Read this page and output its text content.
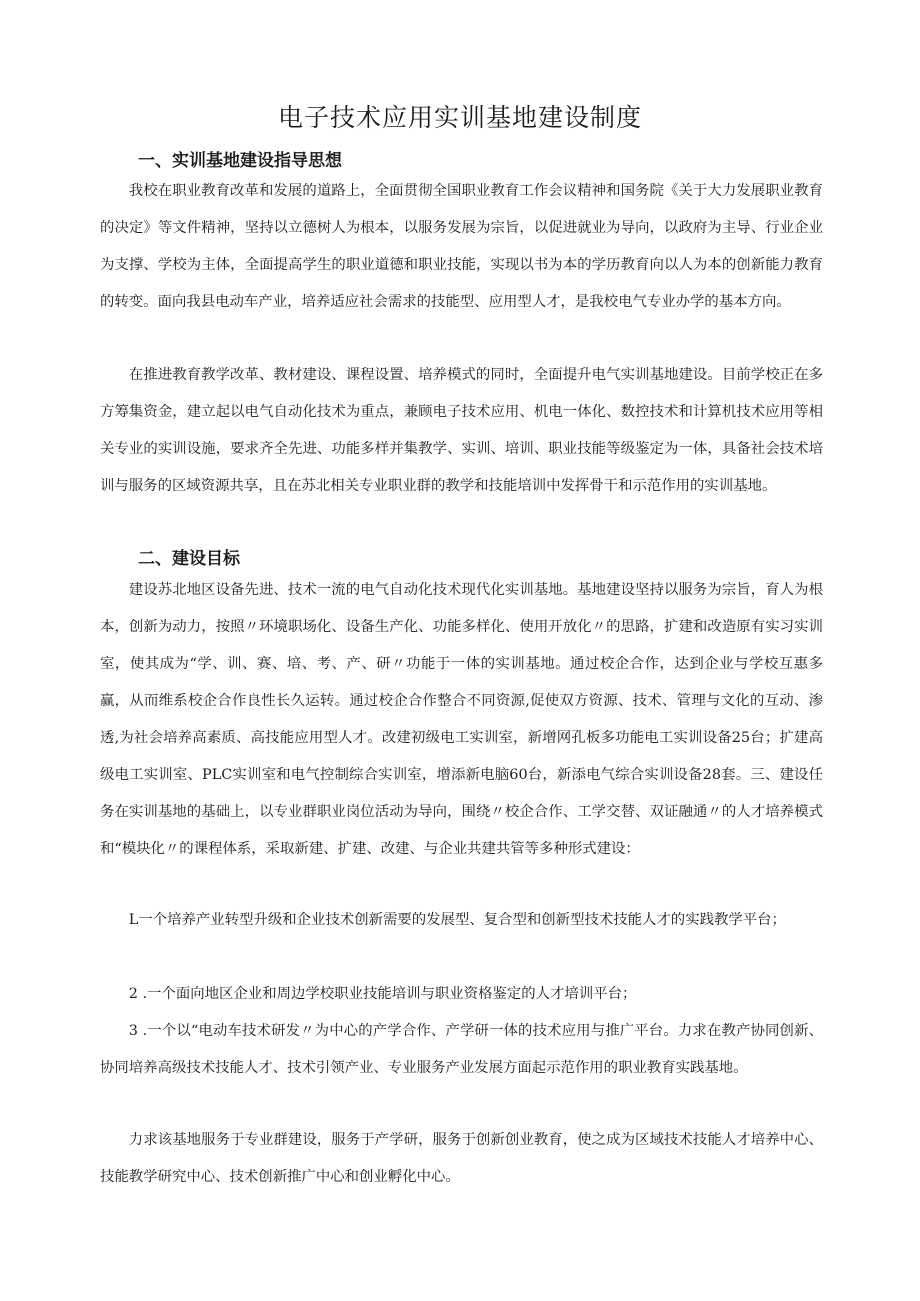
电子技术应用实训基地建设制度
一、实训基地建设指导思想

我校在职业教育改革和发展的道路上，全面贯彻全国职业教育工作会议精神和国务院《关于大力发展职业教育的决定》等文件精神，坚持以立德树人为根本，以服务发展为宗旨，以促进就业为导向，以政府为主导、行业企业为支撑、学校为主体，全面提高学生的职业道德和职业技能，实现以书为本的学历教育向以人为本的创新能力教育的转变。面向我县电动车产业，培养适应社会需求的技能型、应用型人才，是我校电气专业办学的基本方向。

在推进教育教学改革、教材建设、课程设置、培养模式的同时，全面提升电气实训基地建设。目前学校正在多方筹集资金，建立起以电气自动化技术为重点，兼顾电子技术应用、机电一体化、数控技术和计算机技术应用等相关专业的实训设施，要求齐全先进、功能多样并集教学、实训、培训、职业技能等级鉴定为一体，具备社会技术培训与服务的区域资源共享，且在苏北相关专业职业群的教学和技能培训中发挥骨干和示范作用的实训基地。

二、建设目标

建设苏北地区设备先进、技术一流的电气自动化技术现代化实训基地。基地建设坚持以服务为宗旨，育人为根本，创新为动力，按照〃环境职场化、设备生产化、功能多样化、使用开放化〃的思路，扩建和改造原有实习实训室，使其成为“学、训、赛、培、考、产、研〃功能于一体的实训基地。通过校企合作，达到企业与学校互惠多赢，从而维系校企合作良性长久运转。通过校企合作整合不同资源,促使双方资源、技术、管理与文化的互动、渗透,为社会培养高素质、高技能应用型人才。改建初级电工实训室，新增网孔板多功能电工实训设备25台；扩建高级电工实训室、PLC实训室和电气控制综合实训室，增添新电脑60台，新添电气综合实训设备28套。三、建设任务在实训基地的基础上，以专业群职业岗位活动为导向，围绕〃校企合作、工学交替、双证融通〃的人才培养模式和“模块化〃的课程体系，采取新建、扩建、改建、与企业共建共管等多种形式建设：

L一个培养产业转型升级和企业技术创新需要的发展型、复合型和创新型技术技能人才的实践教学平台；

2 .一个面向地区企业和周边学校职业技能培训与职业资格鉴定的人才培训平台；

3 .一个以“电动车技术研发〃为中心的产学合作、产学研一体的技术应用与推广平台。力求在教产协同创新、协同培养高级技术技能人才、技术引领产业、专业服务产业发展方面起示范作用的职业教育实践基地。

力求该基地服务于专业群建设，服务于产学研，服务于创新创业教育，使之成为区域技术技能人才培养中心、技能教学研究中心、技术创新推广中心和创业孵化中心。
